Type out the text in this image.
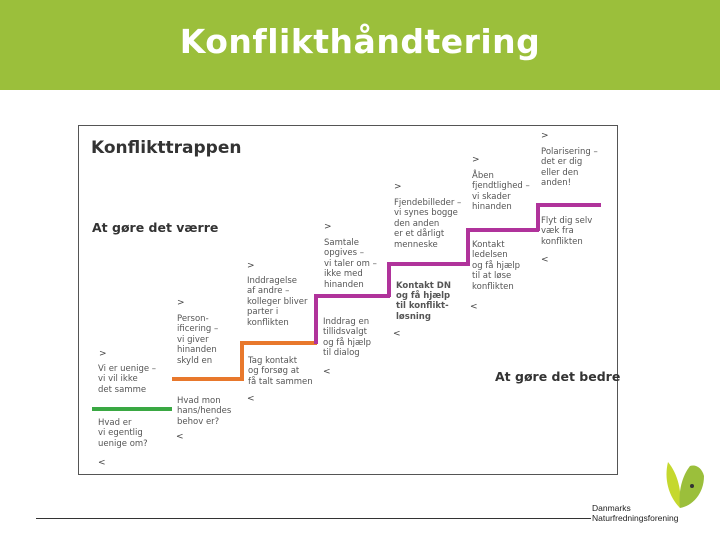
Konflikthåndtering
Konflikttrappen
At gøre det værre
At gøre det bedre
>
>
>
>
>
>
>
Vi er uenige –
vi vil ikke
det samme
Person-
ificering –
vi giver
hinanden
skyld en
Inddragelse
af andre –
kolleger bliver
parter i
konflikten
Samtale
opgives –
vi taler om –
ikke med
hinanden
Fjendebilleder –
vi synes bogge
den anden
er et dårligt
menneske
Åben
fjendtlighed –
vi skader
hinanden
Polarisering –
det er dig
eller den
anden!
Hvad er
vi egentlig
uenige om?
Hvad mon
hans/hendes
behov er?
Tag kontakt
og forsøg at
få talt sammen
Inddrag en
tillidsvalgt
og få hjælp
til dialog
Kontakt
ledelsen
og få hjælp
til at løse
konflikten
Flyt dig selv
væk fra
konflikten
Kontakt DN
og få hjælp
til konflikt-
løsning
<
<
<
<
<
<
<
Danmarks
Naturfredningsforening
